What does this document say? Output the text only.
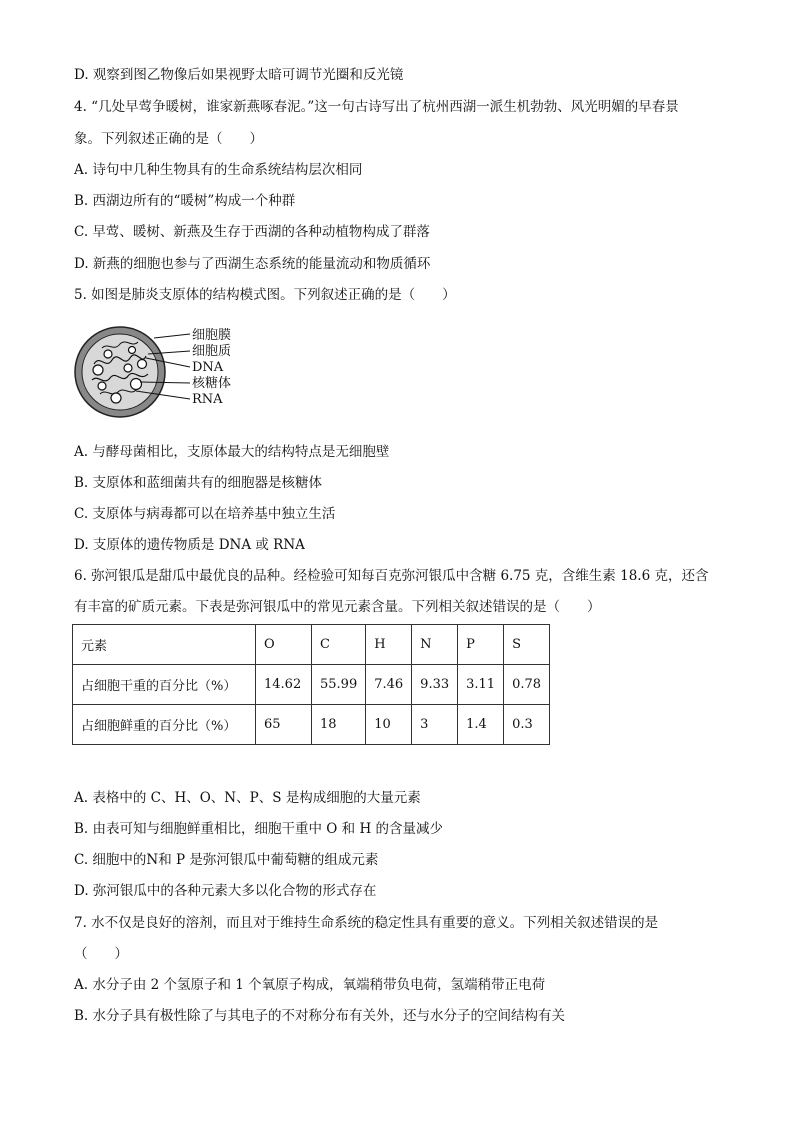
D. 观察到图乙物像后如果视野太暗可调节光圈和反光镜
4. “几处早莺争暖树，谁家新燕啄春泥。”这一句古诗写出了杭州西湖一派生机勃勃、风光明媚的早春景
象。下列叙述正确的是（　　）
A. 诗句中几种生物具有的生命系统结构层次相同
B. 西湖边所有的“暖树”构成一个种群
C. 早莺、暖树、新燕及生存于西湖的各种动植物构成了群落
D. 新燕的细胞也参与了西湖生态系统的能量流动和物质循环
5. 如图是肺炎支原体的结构模式图。下列叙述正确的是（　　）
细胞膜
细胞质
DNA
核糖体
RNA
A. 与酵母菌相比，支原体最大的结构特点是无细胞壁
B. 支原体和蓝细菌共有的细胞器是核糖体
C. 支原体与病毒都可以在培养基中独立生活
D. 支原体的遗传物质是 DNA 或 RNA
6. 弥河银瓜是甜瓜中最优良的品种。经检验可知每百克弥河银瓜中含糖 6.75 克，含维生素 18.6 克，还含
有丰富的矿质元素。下表是弥河银瓜中的常见元素含量。下列相关叙述错误的是（　　）
元素	O	C	H	N	P	S
占细胞干重的百分比（%）	14.62	55.99	7.46	9.33	3.11	0.78
占细胞鲜重的百分比（%）	65	18	10	3	1.4	0.3
A. 表格中的 C、H、O、N、P、S 是构成细胞的大量元素
B. 由表可知与细胞鲜重相比，细胞干重中 O 和 H 的含量减少
C. 细胞中的N和 P 是弥河银瓜中葡萄糖的组成元素
D. 弥河银瓜中的各种元素大多以化合物的形式存在
7. 水不仅是良好的溶剂，而且对于维持生命系统的稳定性具有重要的意义。下列相关叙述错误的是
（　　）
A. 水分子由 2 个氢原子和 1 个氧原子构成，氧端稍带负电荷，氢端稍带正电荷
B. 水分子具有极性除了与其电子的不对称分布有关外，还与水分子的空间结构有关
